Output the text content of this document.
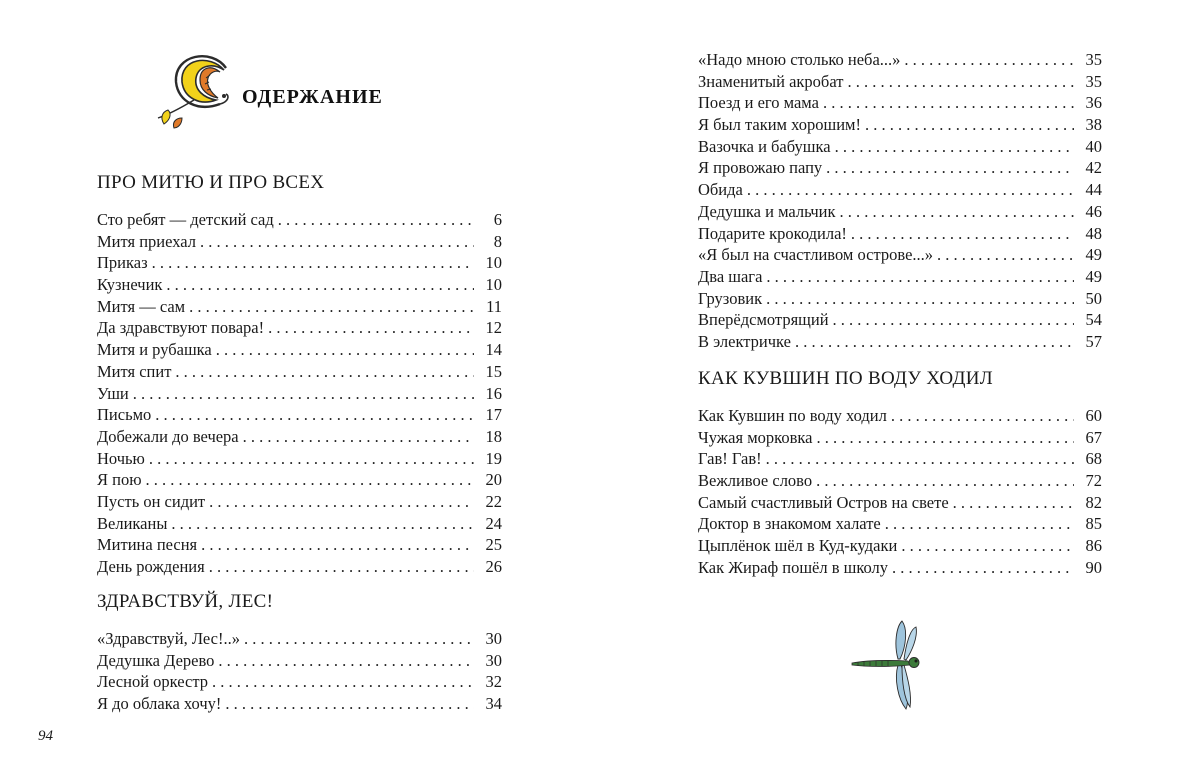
ОДЕРЖАНИЕ
ПРО МИТЮ И ПРО ВСЕХ
Сто ребят — детский сад . . .	6
Митя приехал . . .	8
Приказ . . .	10
Кузнечик . . .	10
Митя — сам . . .	11
Да здравствуют повара! . . .	12
Митя и рубашка . . .	14
Митя спит . . .	15
Уши . . .	16
Письмо . . .	17
Добежали до вечера . . .	18
Ночью . . .	19
Я пою . . .	20
Пусть он сидит . . .	22
Великаны . . .	24
Митина песня . . .	25
День рождения . . .	26
ЗДРАВСТВУЙ, ЛЕС!
«Здравствуй, Лес!..» . . .	30
Дедушка Дерево . . .	30
Лесной оркестр . . .	32
Я до облака хочу! . . .	34
94
«Надо мною столько неба...» . . .	35
Знаменитый акробат . . .	35
Поезд и его мама . . .	36
Я был таким хорошим! . . .	38
Вазочка и бабушка . . .	40
Я провожаю папу . . .	42
Обида . . .	44
Дедушка и мальчик . . .	46
Подарите крокодила! . . .	48
«Я был на счастливом острове...» . . .	49
Два шага . . .	49
Грузовик . . .	50
Вперёдсмотрящий . . .	54
В электричке . . .	57
КАК КУВШИН ПО ВОДУ ХОДИЛ
Как Кувшин по воду ходил . . .	60
Чужая морковка . . .	67
Гав! Гав! . . .	68
Вежливое слово . . .	72
Самый счастливый Остров на свете . . .	82
Доктор в знакомом халате . . .	85
Цыплёнок шёл в Куд-кудаки . . .	86
Как Жираф пошёл в школу . . .	90
